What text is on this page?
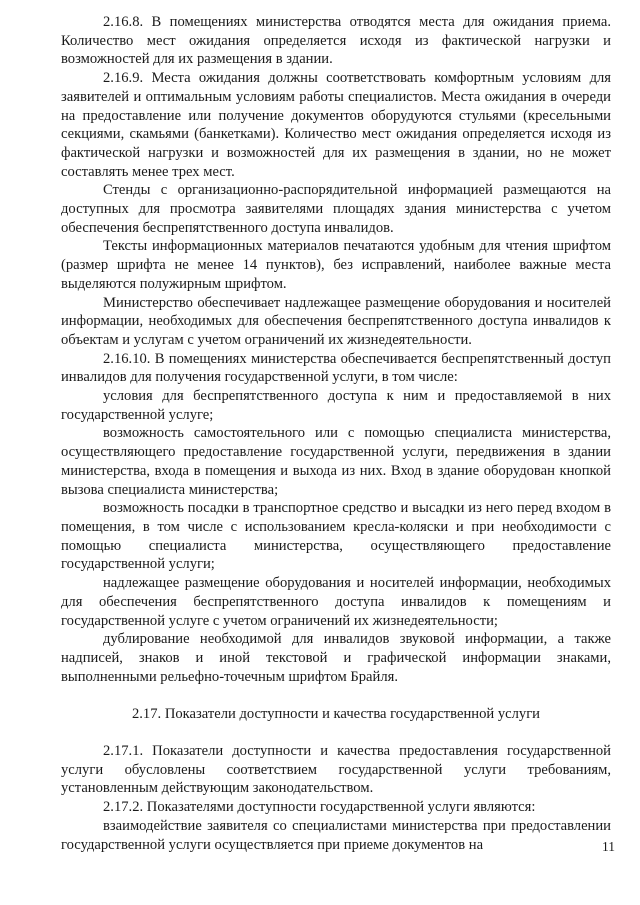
2.16.8. В помещениях министерства отводятся места для ожидания приема. Количество мест ожидания определяется исходя из фактической нагрузки и возможностей для их размещения в здании.

2.16.9. Места ожидания должны соответствовать комфортным условиям для заявителей и оптимальным условиям работы специалистов. Места ожидания в очереди на предоставление или получение документов оборудуются стульями (кресельными секциями, скамьями (банкетками). Количество мест ожидания определяется исходя из фактической нагрузки и возможностей для их размещения в здании, но не может составлять менее трех мест.

Стенды с организационно-распорядительной информацией размещаются на доступных для просмотра заявителями площадях здания министерства с учетом обеспечения беспрепятственного доступа инвалидов.

Тексты информационных материалов печатаются удобным для чтения шрифтом (размер шрифта не менее 14 пунктов), без исправлений, наиболее важные места выделяются полужирным шрифтом.

Министерство обеспечивает надлежащее размещение оборудования и носителей информации, необходимых для обеспечения беспрепятственного доступа инвалидов к объектам и услугам с учетом ограничений их жизнедеятельности.

2.16.10. В помещениях министерства обеспечивается беспрепятственный доступ инвалидов для получения государственной услуги, в том числе:

условия для беспрепятственного доступа к ним и предоставляемой в них государственной услуге;

возможность самостоятельного или с помощью специалиста министерства, осуществляющего предоставление государственной услуги, передвижения в здании министерства, входа в помещения и выхода из них. Вход в здание оборудован кнопкой вызова специалиста министерства;

возможность посадки в транспортное средство и высадки из него перед входом в помещения, в том числе с использованием кресла-коляски и при необходимости с помощью специалиста министерства, осуществляющего предоставление государственной услуги;

надлежащее размещение оборудования и носителей информации, необходимых для обеспечения беспрепятственного доступа инвалидов к помещениям и государственной услуге с учетом ограничений их жизнедеятельности;

дублирование необходимой для инвалидов звуковой информации, а также надписей, знаков и иной текстовой и графической информации знаками, выполненными рельефно-точечным шрифтом Брайля.

2.17. Показатели доступности и качества государственной услуги

2.17.1. Показатели доступности и качества предоставления государственной услуги обусловлены соответствием государственной услуги требованиям, установленным действующим законодательством.

2.17.2. Показателями доступности государственной услуги являются:

взаимодействие заявителя со специалистами министерства при предоставлении государственной услуги осуществляется при приеме документов на	11
